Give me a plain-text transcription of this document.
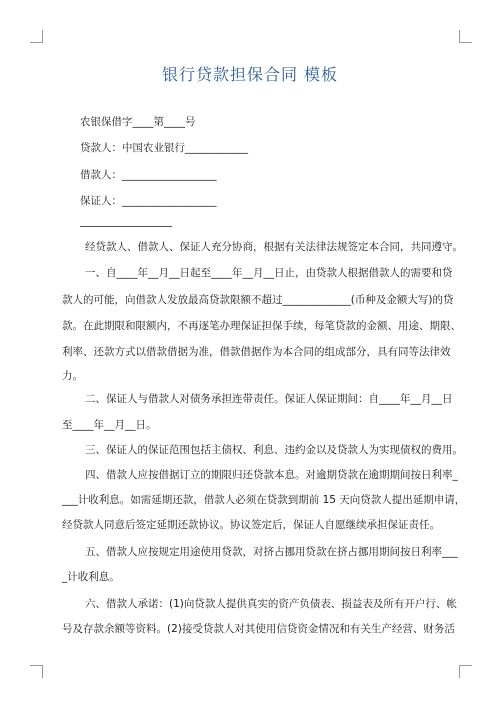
银行贷款担保合同 模板
农银保借字____第____号
贷款人：中国农业银行____________
借款人：__________________
保证人：__________________
经贷款人、借款人、保证人充分协商，根据有关法律法规签定本合同，共同遵守。
一、自____年__月__日起至____年__月__日止，由贷款人根据借款人的需要和贷
款人的可能，向借款人发放最高贷款限额不超过_____________(币种及金额大写)的贷
款。在此期限和限额内，不再逐笔办理保证担保手续，每笔贷款的金额、用途、期限、
利率、还款方式以借款借据为准，借款借据作为本合同的组成部分，具有同等法律效
力。
二、保证人与借款人对债务承担连带责任。保证人保证期间：自____年__月__日
至____年__月__日。
三、保证人的保证范围包括主债权、利息、违约金以及贷款人为实现债权的费用。
四、借款人应按借据订立的期限归还贷款本息。对逾期贷款在逾期期间按日利率_
___计收利息。如需延期还款，借款人必须在贷款到期前 15 天向贷款人提出延期申请，
经贷款人同意后签定延期还款协议。协议签定后，保证人自愿继续承担保证责任。
五、借款人应按规定用途使用贷款，对挤占挪用贷款在挤占挪用期间按日利率___
_计收利息。
六、借款人承诺：(1)向贷款人提供真实的资产负债表、损益表及所有开户行、帐
号及存款余额等资料。(2)接受贷款人对其使用信贷资金情况和有关生产经营、财务活
